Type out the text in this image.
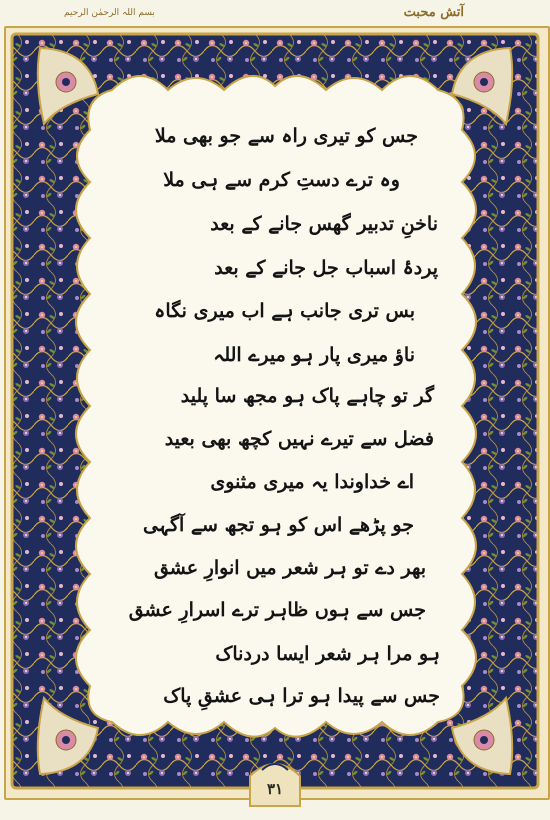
بسم اللہ الرحمٰن الرحیم	آتش محبت
جس کو تیری راہ سے جو بھی ملا
وہ ترے دستِ کرم سے ہی ملا
ناخنِ تدبیر گھس جانے کے بعد
پردۂ اسباب جل جانے کے بعد
بس تری جانب ہے اب میری نگاہ
ناؤ میری پار ہو میرے اللہ
گر تو چاہے پاک ہو مجھ سا پلید
فضل سے تیرے نہیں کچھ بھی بعید
اے خداوندا یہ میری مثنوی
جو پڑھے اس کو ہو تجھ سے آگہی
بھر دے تو ہر شعر میں انوارِ عشق
جس سے ہوں ظاہر ترے اسرارِ عشق
ہو مرا ہر شعر ایسا دردناک
جس سے پیدا ہو ترا ہی عشقِ پاک
۳۱
